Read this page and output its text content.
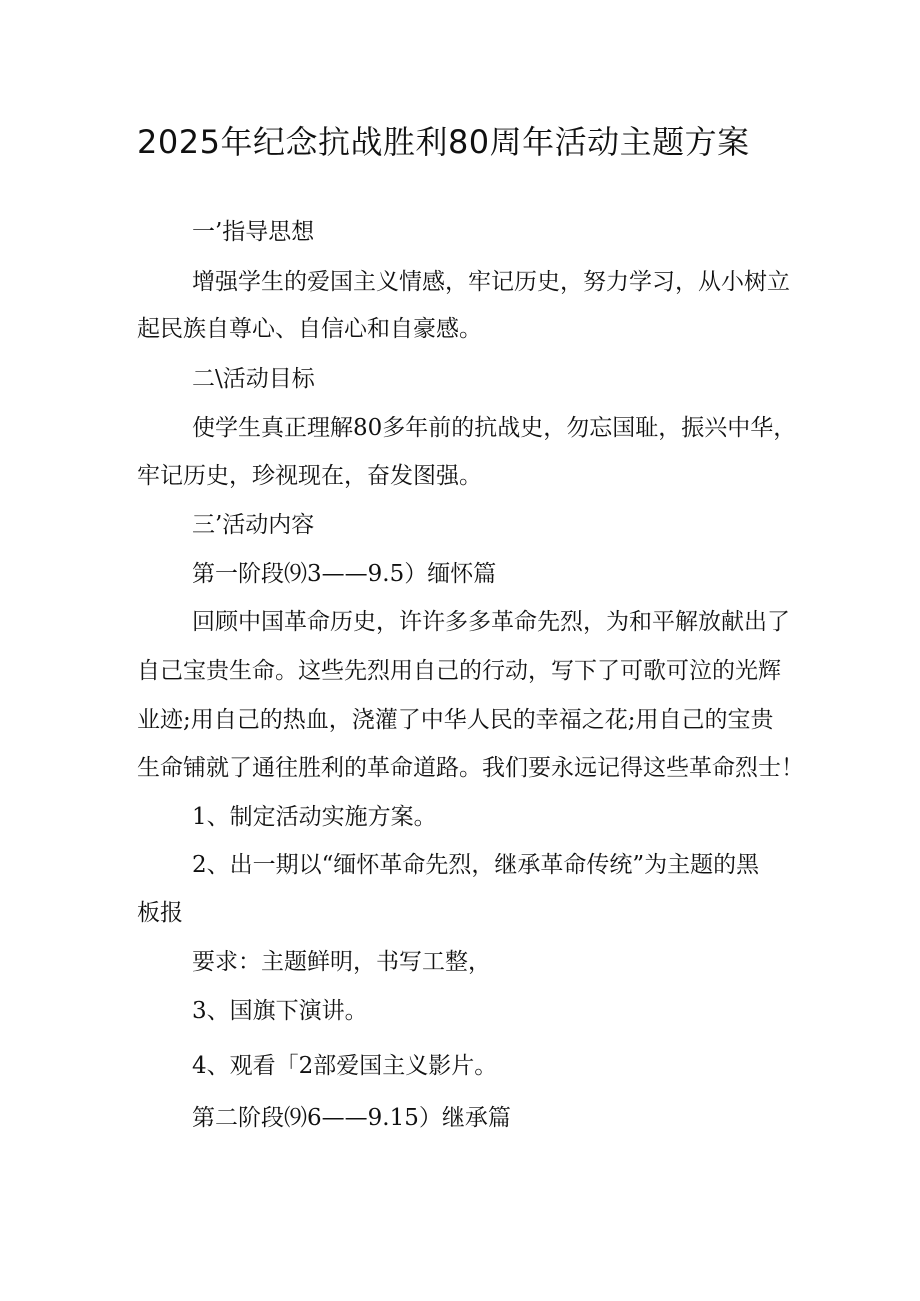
2025年纪念抗战胜利80周年活动主题方案
一’指导思想
增强学生的爱国主义情感，牢记历史，努力学习，从小树立
起民族自尊心、自信心和自豪感。
二\活动目标
使学生真正理解80多年前的抗战史，勿忘国耻，振兴中华，
牢记历史，珍视现在，奋发图强。
三’活动内容
第一阶段⑼3——9.5）缅怀篇
回顾中国革命历史，许许多多革命先烈，为和平解放献出了
自己宝贵生命。这些先烈用自己的行动，写下了可歌可泣的光辉
业迹;用自己的热血，浇灌了中华人民的幸福之花;用自己的宝贵
生命铺就了通往胜利的革命道路。我们要永远记得这些革命烈士！
1、制定活动实施方案。
2、出一期以“缅怀革命先烈，继承革命传统”为主题的黑
板报
要求：主题鲜明，书写工整，
3、国旗下演讲。
4、观看「2部爱国主义影片。
第二阶段⑼6——9.15）继承篇
